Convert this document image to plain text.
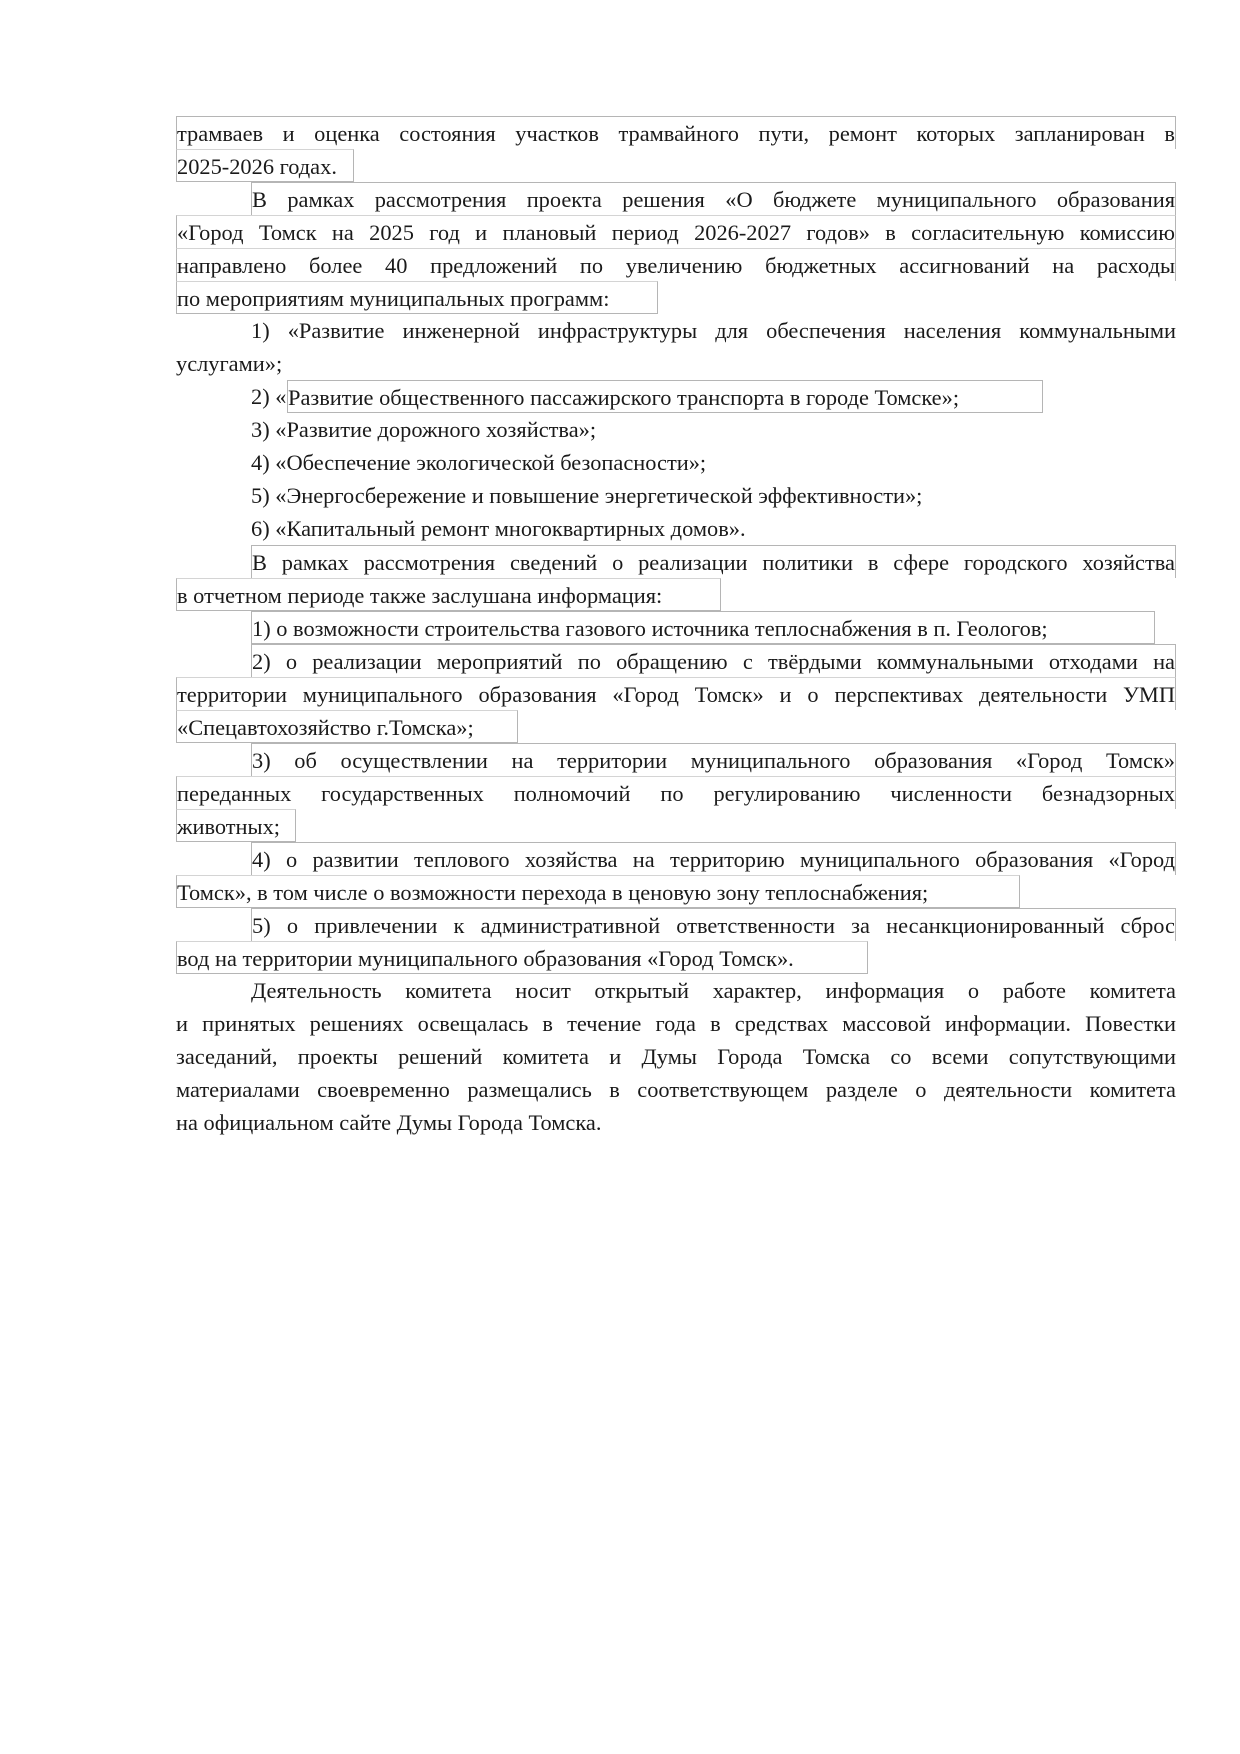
трамваев и оценка состояния участков трамвайного пути, ремонт которых запланирован в
2025-2026 годах.
В рамках рассмотрения проекта решения «О бюджете муниципального образования
«Город Томск на 2025 год и плановый период 2026-2027 годов» в согласительную комиссию
направлено более 40 предложений по увеличению бюджетных ассигнований на расходы
по мероприятиям муниципальных программ:
1) «Развитие инженерной инфраструктуры для обеспечения населения коммунальными
услугами»;
2) « Развитие общественного пассажирского транспорта в городе Томске»;
3) «Развитие дорожного хозяйства»;
4) «Обеспечение экологической безопасности»;
5) «Энергосбережение и повышение энергетической эффективности»;
6) «Капитальный ремонт многоквартирных домов».
В рамках рассмотрения сведений о реализации политики в сфере городского хозяйства
в отчетном периоде также заслушана информация:
1) о возможности строительства газового источника теплоснабжения в п. Геологов;
2) о реализации мероприятий по обращению с твёрдыми коммунальными отходами на
территории муниципального образования «Город Томск» и о перспективах деятельности УМП
«Спецавтохозяйство г.Томска»;
3) об осуществлении на территории муниципального образования «Город Томск»
переданных государственных полномочий по регулированию численности безнадзорных
животных;
4) о развитии теплового хозяйства на территорию муниципального образования «Город
Томск», в том числе о возможности перехода в ценовую зону теплоснабжения;
5) о привлечении к административной ответственности за несанкционированный сброс
вод на территории муниципального образования «Город Томск».
Деятельность комитета носит открытый характер, информация о работе комитета
и принятых решениях освещалась в течение года в средствах массовой информации. Повестки
заседаний, проекты решений комитета и Думы Города Томска со всеми сопутствующими
материалами своевременно размещались в соответствующем разделе о деятельности комитета
на официальном сайте Думы Города Томска.
